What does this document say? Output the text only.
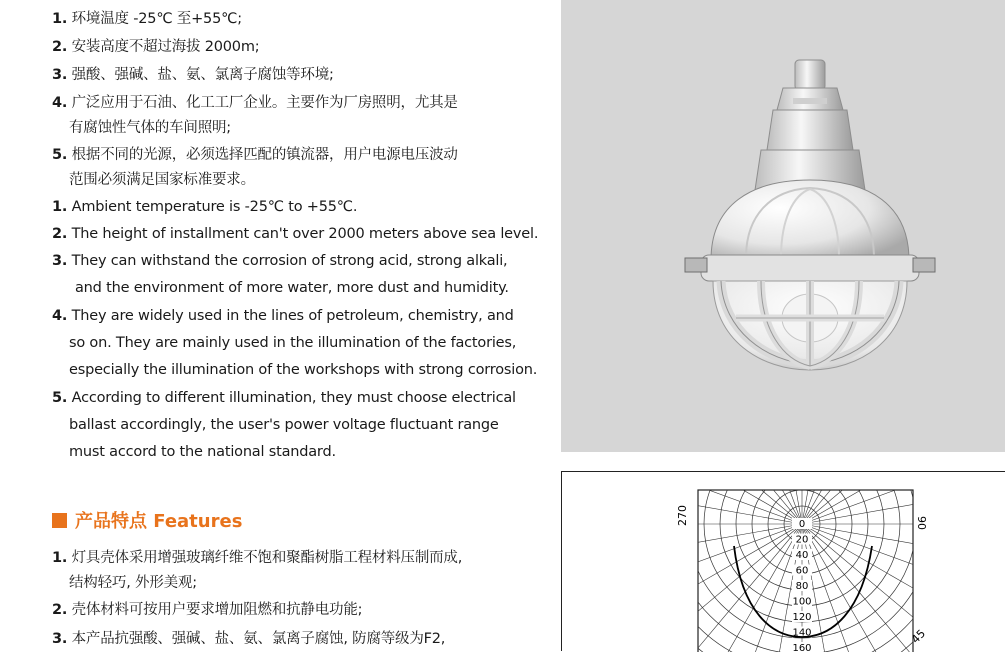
1. 环境温度 -25℃ 至+55℃;
2. 安装高度不超过海拔 2000m;
3. 强酸、强碱、盐、氨、氯离子腐蚀等环境;
4. 广泛应用于石油、化工工厂企业。主要作为厂房照明，尤其是
有腐蚀性气体的车间照明;
5. 根据不同的光源，必须选择匹配的镇流器，用户电源电压波动
范围必须满足国家标准要求。
1. Ambient temperature is -25℃ to +55℃.
2. The height of installment can't over 2000 meters above sea level.
3. They can withstand the corrosion of strong acid, strong alkali,
and the environment of more water, more dust and humidity.
4. They are widely used in the lines of petroleum, chemistry, and
so on. They are mainly used in the illumination of the factories,
especially the illumination of the workshops with strong corrosion.
5. According to different illumination, they must choose electrical
ballast accordingly, the user's power voltage fluctuant range
must accord to the national standard.
产品特点 Features
1. 灯具壳体采用增强玻璃纤维不饱和聚酯树脂工程材料压制而成,
结构轻巧, 外形美观;
2. 壳体材料可按用户要求增加阻燃和抗静电功能;
3. 本产品抗强酸、强碱、盐、氨、氯离子腐蚀, 防腐等级为F2,
0
20
40
60
80
100
120
140
160
270	90
45
